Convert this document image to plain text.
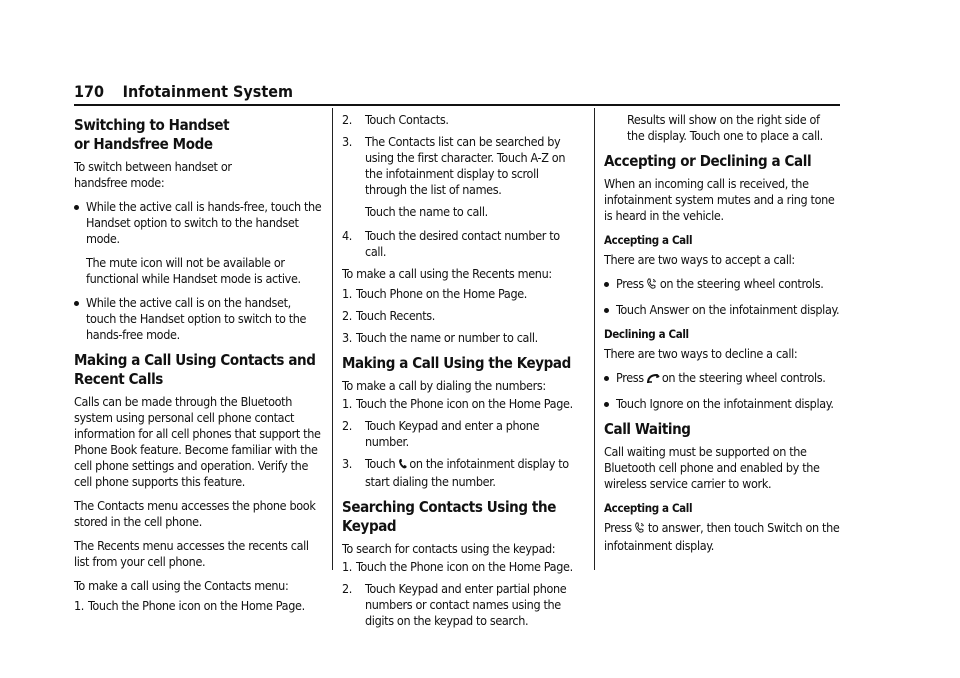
170 Infotainment System
Switching to Handset or Handsfree Mode

To switch between handset or handsfree mode:

While the active call is hands-free, touch the Handset option to switch to the handset mode.

The mute icon will not be available or functional while Handset mode is active.

While the active call is on the handset, touch the Handset option to switch to the hands-free mode.
Making a Call Using Contacts and Recent Calls

Calls can be made through the Bluetooth system using personal cell phone contact information for all cell phones that support the Phone Book feature. Become familiar with the cell phone settings and operation. Verify the cell phone supports this feature.

The Contacts menu accesses the phone book stored in the cell phone.

The Recents menu accesses the recents call list from your cell phone.

To make a call using the Contacts menu:

1. Touch the Phone icon on the Home Page.
2. Touch Contacts.
3. The Contacts list can be searched by using the first character. Touch A-Z on the infotainment display to scroll through the list of names.
Touch the name to call.
4. Touch the desired contact number to call.

To make a call using the Recents menu:

1. Touch Phone on the Home Page.
2. Touch Recents.
3. Touch the name or number to call.
Making a Call Using the Keypad

To make a call by dialing the numbers:

1. Touch the Phone icon on the Home Page.
2. Touch Keypad and enter a phone number.
3. Touch on the infotainment display to start dialing the number.
Searching Contacts Using the Keypad

To search for contacts using the keypad:

1. Touch the Phone icon on the Home Page.
2. Touch Keypad and enter partial phone numbers or contact names using the digits on the keypad to search.
Results will show on the right side of the display. Touch one to place a call.
Accepting or Declining a Call

When an incoming call is received, the infotainment system mutes and a ring tone is heard in the vehicle.

Accepting a Call

There are two ways to accept a call:

Press on the steering wheel controls.
Touch Answer on the infotainment display.
Declining a Call

There are two ways to decline a call:

Press on the steering wheel controls.
Touch Ignore on the infotainment display.
Call Waiting

Call waiting must be supported on the Bluetooth cell phone and enabled by the wireless service carrier to work.

Accepting a Call

Press to answer, then touch Switch on the infotainment display.
